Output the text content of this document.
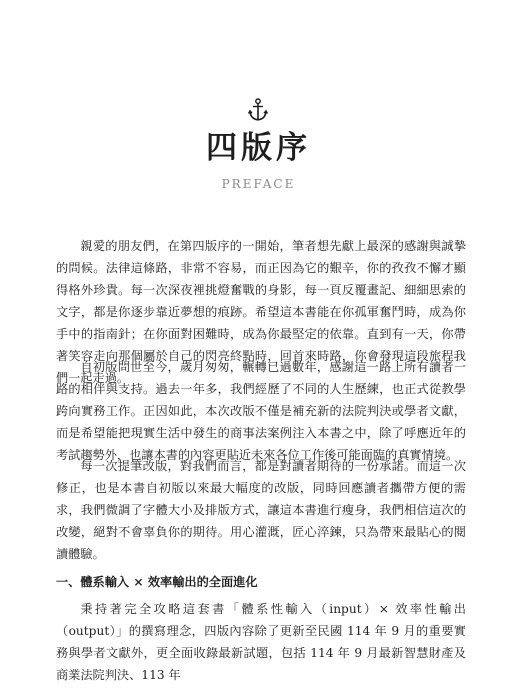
四版序
PREFACE

親愛的朋友們，在第四版序的一開始，筆者想先獻上最深的感謝與誠摯的問候。法律這條路，非常不容易，而正因為它的艱辛，你的孜孜不懈才顯得格外珍貴。每一次深夜裡挑燈奮戰的身影，每一頁反覆畫記、細細思索的文字，都是你逐步靠近夢想的痕跡。希望這本書能在你孤軍奮鬥時，成為你手中的指南針；在你面對困難時，成為你最堅定的依靠。直到有一天，你帶著笑容走向那個屬於自己的閃亮終點時，回首來時路，你會發現這段旅程我們一起走過。

自初版問世至今，歲月匆匆，輾轉已過數年，感謝這一路上所有讀者一路的相伴與支持。過去一年多，我們經歷了不同的人生歷練，也正式從教學跨向實務工作。正因如此，本次改版不僅是補充新的法院判決或學者文獻，而是希望能把現實生活中發生的商事法案例注入本書之中，除了呼應近年的考試趨勢外，也讓本書的內容更貼近未來各位工作後可能面臨的真實情境。

每一次提筆改版，對我們而言，都是對讀者期待的一份承諾。而這一次修正，也是本書自初版以來最大幅度的改版，同時回應讀者攜帶方便的需求，我們微調了字體大小及排版方式，讓這本書進行瘦身，我們相信這次的改變，絕對不會辜負你的期待。用心灌溉，匠心淬鍊，只為帶來最貼心的閱讀體驗。

一、體系輸入 × 效率輸出的全面進化

秉持著完全攻略這套書「體系性輸入（input）× 效率性輸出（output）」的撰寫理念，四版內容除了更新至民國 114 年 9 月的重要實務與學者文獻外，更全面收錄最新試題，包括 114 年 9 月最新智慧財產及商業法院判決、113 年
